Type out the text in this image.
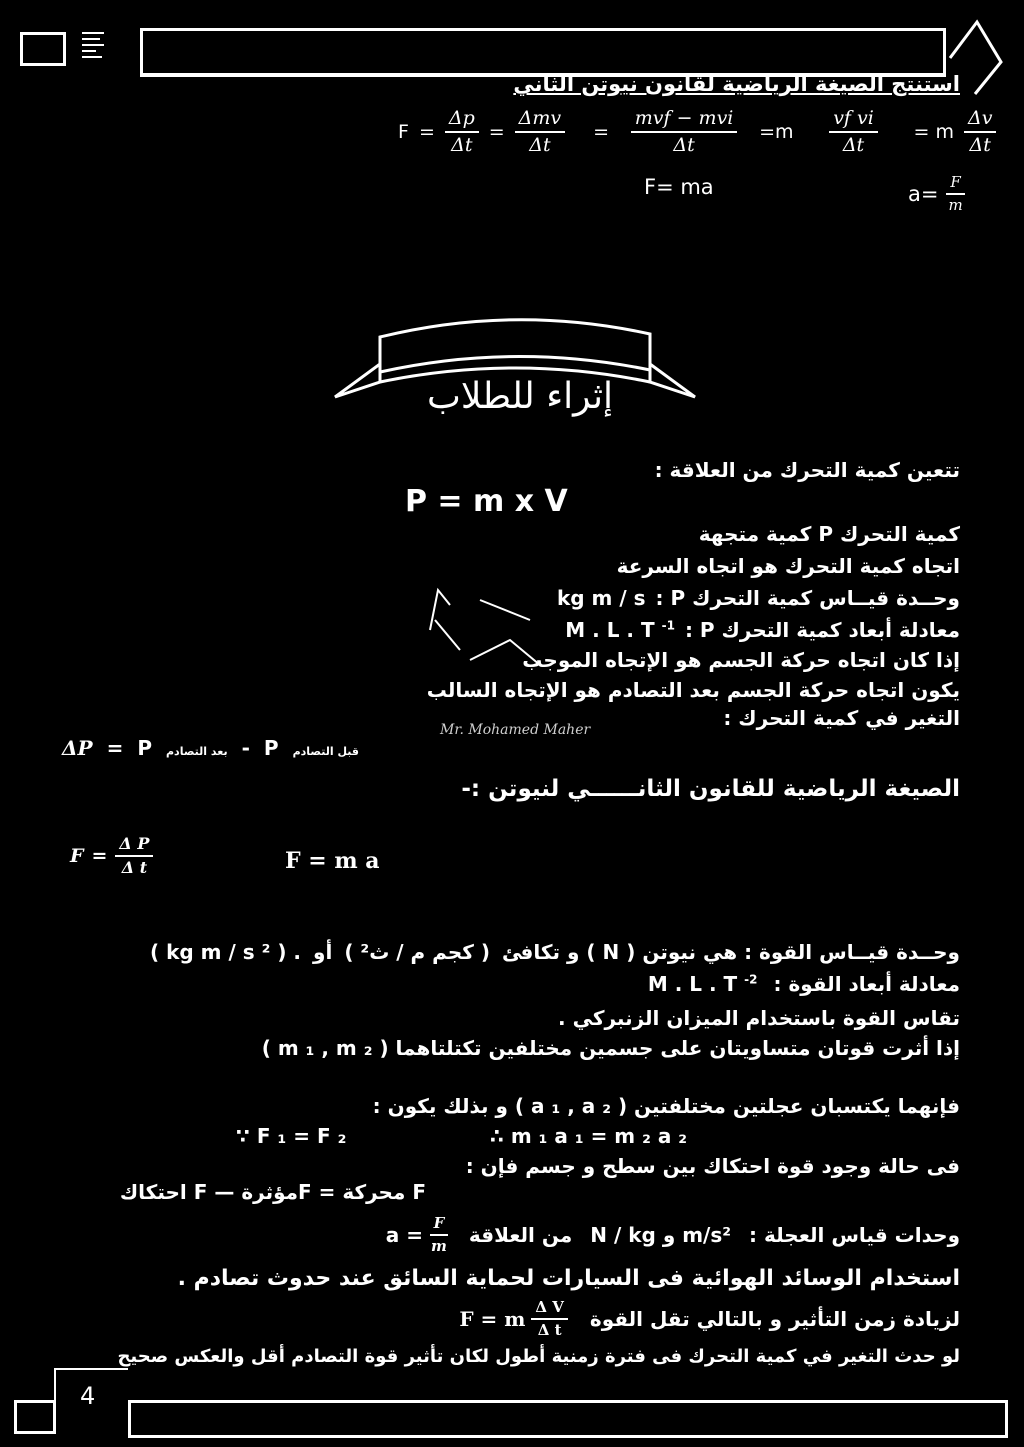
استنتج الصيغة الرياضية لقانون نيوتن الثاني
$F = \frac{\Delta p}{\Delta t} = \frac{\text{Δmv}}{\Delta t} = \frac{\text{mvf − mvi}}{\Delta t} =m \frac{\text{vf vi}}{\Delta t} = m \frac{\Delta v}{\Delta t}$
F= ma	$a= \frac{F}{m}$
إثراء للطلاب
تتعين كمية التحرك من العلاقة :
P = m x V
كمية التحرك P كمية متجهة
اتجاه كمية التحرك هو اتجاه السرعة
وحــدة قيــاس كمية التحرك P :
kg m / s
معادلة أبعاد كمية التحرك P :
M . L . T $^{-1}$
إذا كان اتجاه حركة الجسم هو الإتجاه الموجب
يكون اتجاه حركة الجسم بعد التصادم هو الإتجاه السالب
التغير في كمية التحرك :
Mr. Mohamed Maher
ΔP = P بعد التصادم - P قبل التصادم
الصيغة الرياضية للقانون الثانــــــي لنيوتن :-
$F = \frac{\text{Δ P}}{\text{Δ t}}$	F = m a
وحــدة قيــاس القوة : هي نيوتن ( N ) و تكافئ
( كجم م / ث² )
أو
( kg m / s ² ) .
معادلة أبعاد القوة :
M . L . T $^{-2}$
تقاس القوة باستخدام الميزان الزنبركي .
إذا أثرت قوتان متساويتان على جسمين مختلفين تكتلتاهما ( m ₁ , m ₂ )
فإنهما يكتسبان عجلتين مختلفتين ( a ₁ , a ₂ ) و بذلك يكون :
∵ F ₁ = F ₂	∴ m ₁ a ₁ = m ₂ a ₂
فى حالة وجود قوة احتكاك بين سطح و جسم فإن :
F محركة = Fمؤثرة — F احتكاك
وحدات قياس العجلة :
m/s² و N / kg
من العلاقة
$a = \frac{F}{m}$
استخدام الوسائد الهوائية فى السيارات لحماية السائق عند حدوث تصادم .
لزيادة زمن التأثير و بالتالي تقل القوة
F = m $\frac{\text{Δ V}}{\text{Δ t}}$
لو حدث التغير في كمية التحرك فى فترة زمنية أطول لكان تأثير قوة التصادم أقل والعكس صحيح
4
